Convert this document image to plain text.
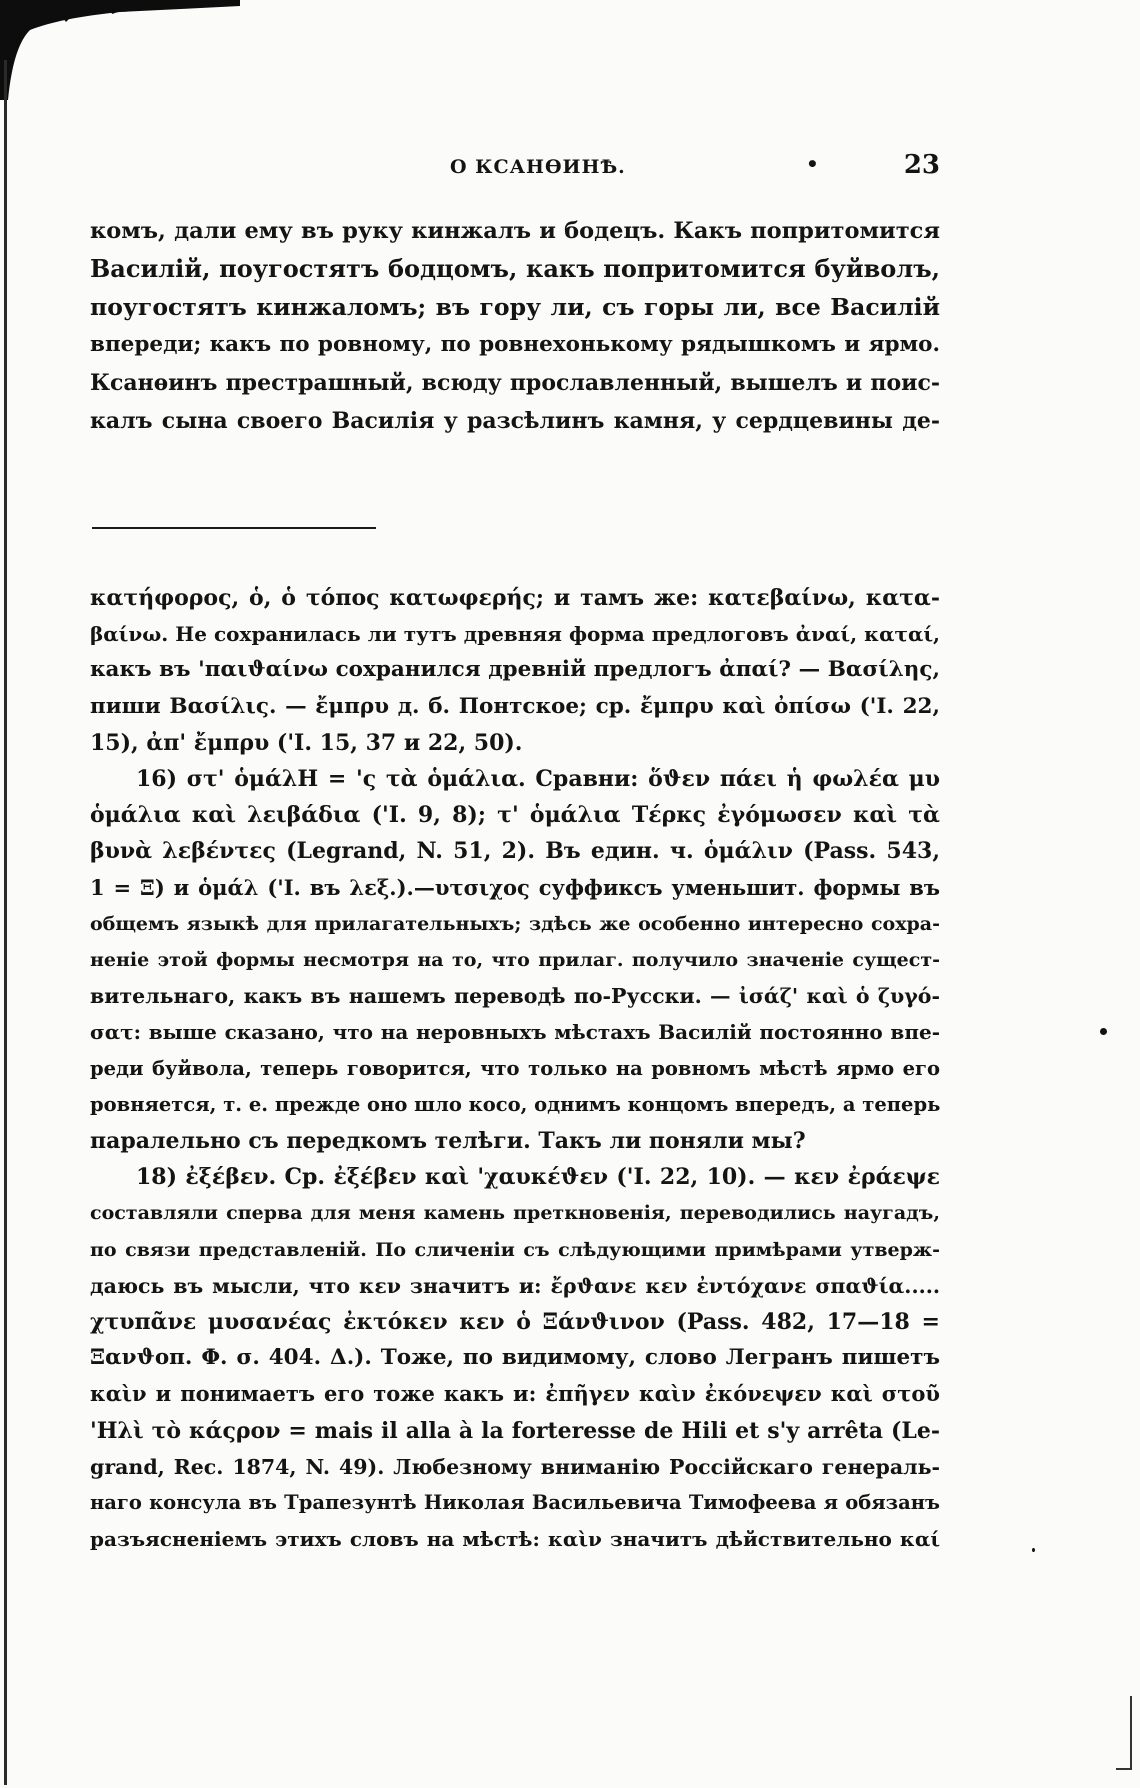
О КСАНѲИНѢ.	•	23
комъ, дали ему въ руку кинжалъ и бодецъ. Какъ попритомится
Василій, поугостятъ бодцомъ, какъ попритомится буйволъ,
поугостятъ кинжаломъ; въ гору ли, съ горы ли, все Василій
впереди; какъ по ровному, по ровнехонькому рядышкомъ и ярмо.
Ксанѳинъ престрашный, всюду прославленный, вышелъ и поис-
калъ сына своего Василія у разсѣлинъ камня, у сердцевины де-
κατήφορος, ὁ, ὁ τόπος κατωφερής; и тамъ же: κατεβαίνω, κατα-
βαίνω. Не сохранилась ли тутъ древняя форма предлоговъ ἀναί, καταί,
какъ въ 'παιϑαίνω сохранился древній предлогъ ἀπαί? — Βασίλης,
пиши Βασίλις. — ἔμπρυ д. б. Понтское; ср. ἔμπρυ καὶ ὀπίσω ('I. 22,
15), ἀπ' ἔμπρυ ('I. 15, 37 и 22, 50).
16) στ' ὁμάλΗ = 'ς τὰ ὁμάλια. Сравни: ὅϑεν πάει ἡ φωλέα μυ
ὁμάλια καὶ λειβάδια ('I. 9, 8); τ' ὁμάλια Τέρκς ἐγόμωσεν καὶ τὰ
βυνὰ λεβέντες (Legrand, N. 51, 2). Въ един. ч. ὁμάλιν (Pass. 543,
1 = Ξ) и ὁμάλ ('I. въ λεξ.).—υτσιχος суффиксъ уменьшит. формы въ
общемъ языкѣ для прилагательныхъ; здѣсь же особенно интересно сохра-
неніе этой формы несмотря на то, что прилаг. получило значеніе сущест-
вительнаго, какъ въ нашемъ переводѣ по-Русски. — ἰσάζ' καὶ ὁ ζυγό-
σατ: выше сказано, что на неровныхъ мѣстахъ Василій постоянно впе-
реди буйвола, теперь говорится, что только на ровномъ мѣстѣ ярмо его
ровняется, т. е. прежде оно шло косо, однимъ концомъ впередъ, а теперь
паралельно съ передкомъ телѣги. Такъ ли поняли мы?
18) ἐξέβεν. Ср. ἐξέβεν καὶ 'χαυκέϑεν ('I. 22, 10). — κεν ἐράεψε
составляли сперва для меня камень преткновенія, переводились наугадъ,
по связи представленій. По сличеніи съ слѣдующими примѣрами утверж-
даюсь въ мысли, что κεν значитъ и: ἔρϑανε κεν ἐντόχανε σπαϑία.....
χτυπᾶνε μυσανέας ἐκτόκεν κεν ὁ Ξάνϑινον (Pass. 482, 17—18 =
Ξανϑοπ. Φ. σ. 404. Δ.). Тоже, по видимому, слово Легранъ пишетъ
καὶν и понимаетъ его тоже какъ и: ἐπῆγεν καὶν ἐκόνεψεν καὶ στοῦ
'Ηλὶ τὸ κάςρον = mais il alla à la forteresse de Hili et s'y arrêta (Le-
grand, Rec. 1874, N. 49). Любезному вниманію Россійскаго генераль-
наго консула въ Трапезунтѣ Николая Васильевича Тимофеева я обязанъ
разъясненіемъ этихъ словъ на мѣстѣ: καὶν значитъ дѣйствительно καί
